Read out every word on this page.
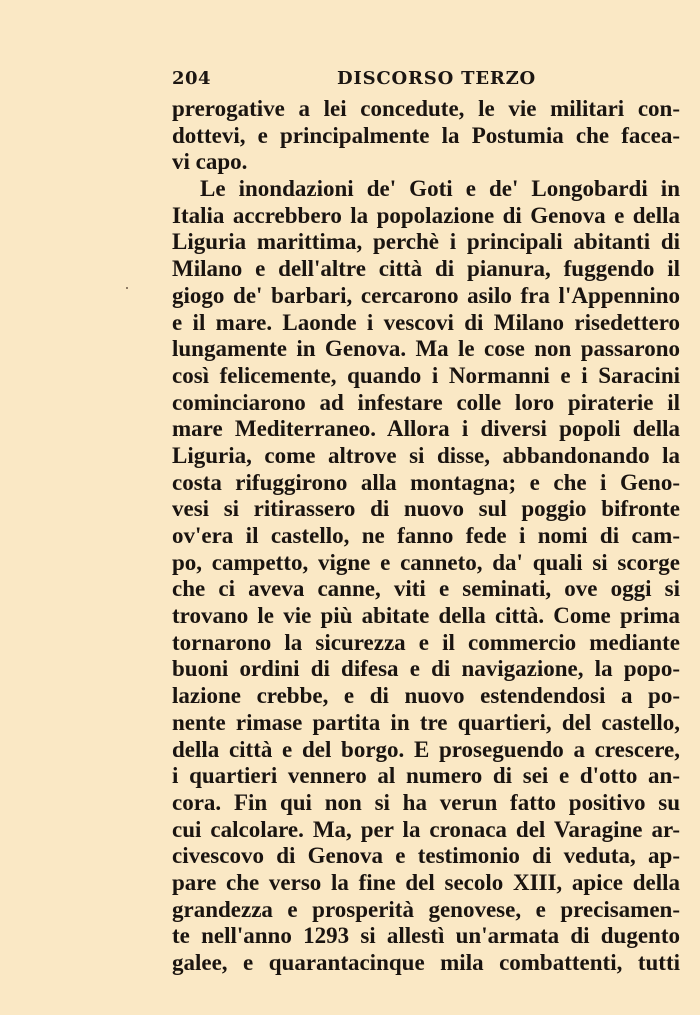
204	DISCORSO TERZO
prerogative a lei concedute, le vie militari con-
dottevi, e principalmente la Postumia che facea-
vi capo.
Le inondazioni de' Goti e de' Longobardi in
Italia accrebbero la popolazione di Genova e della
Liguria marittima, perchè i principali abitanti di
Milano e dell'altre città di pianura, fuggendo il
giogo de' barbari, cercarono asilo fra l'Appennino
e il mare. Laonde i vescovi di Milano risedettero
lungamente in Genova. Ma le cose non passarono
così felicemente, quando i Normanni e i Saracini
cominciarono ad infestare colle loro piraterie il
mare Mediterraneo. Allora i diversi popoli della
Liguria, come altrove si disse, abbandonando la
costa rifuggirono alla montagna; e che i Geno-
vesi si ritirassero di nuovo sul poggio bifronte
ov'era il castello, ne fanno fede i nomi di cam-
po, campetto, vigne e canneto, da' quali si scorge
che ci aveva canne, viti e seminati, ove oggi si
trovano le vie più abitate della città. Come prima
tornarono la sicurezza e il commercio mediante
buoni ordini di difesa e di navigazione, la popo-
lazione crebbe, e di nuovo estendendosi a po-
nente rimase partita in tre quartieri, del castello,
della città e del borgo. E proseguendo a crescere,
i quartieri vennero al numero di sei e d'otto an-
cora. Fin qui non si ha verun fatto positivo su
cui calcolare. Ma, per la cronaca del Varagine ar-
civescovo di Genova e testimonio di veduta, ap-
pare che verso la fine del secolo XIII, apice della
grandezza e prosperità genovese, e precisamen-
te nell'anno 1293 si allestì un'armata di dugento
galee, e quarantacinque mila combattenti, tutti
